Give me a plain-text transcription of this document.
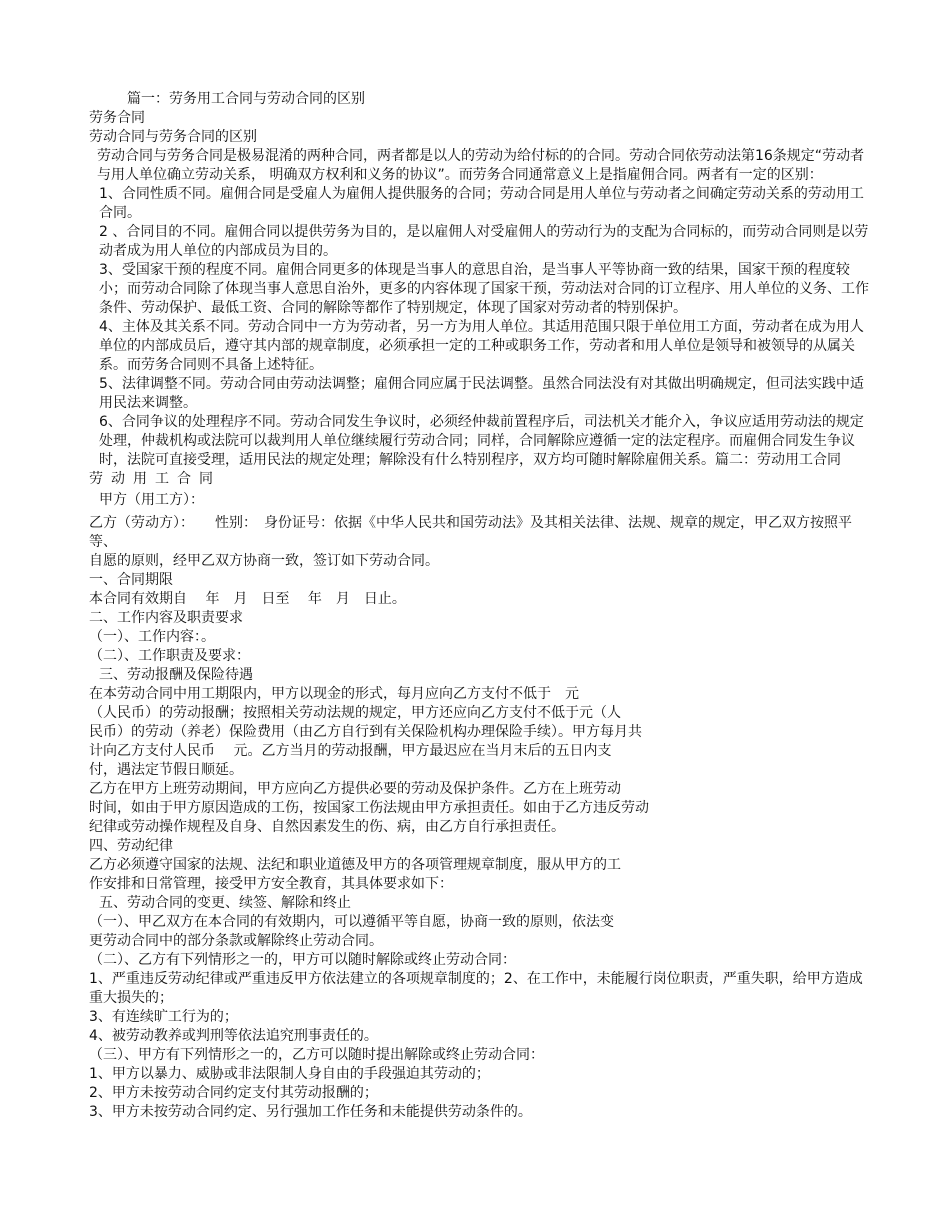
篇一：劳务用工合同与劳动合同的区别

劳务合同

劳动合同与劳务合同的区别

劳动合同与劳务合同是极易混淆的两种合同，两者都是以人的劳动为给付标的的合同。劳动合同依劳动法第16条规定“劳动者与用人单位确立劳动关系， 明确双方权利和义务的协议”。而劳务合同通常意义上是指雇佣合同。两者有一定的区别：

1、合同性质不同。雇佣合同是受雇人为雇佣人提供服务的合同；劳动合同是用人单位与劳动者之间确定劳动关系的劳动用工合同。

2 、合同目的不同。雇佣合同以提供劳务为目的，是以雇佣人对受雇佣人的劳动行为的支配为合同标的，而劳动合同则是以劳动者成为用人单位的内部成员为目的。

3、受国家干预的程度不同。雇佣合同更多的体现是当事人的意思自治，是当事人平等协商一致的结果，国家干预的程度较小；而劳动合同除了体现当事人意思自治外，更多的内容体现了国家干预，劳动法对合同的订立程序、用人单位的义务、工作条件、劳动保护、最低工资、合同的解除等都作了特别规定，体现了国家对劳动者的特别保护。

4、主体及其关系不同。劳动合同中一方为劳动者，另一方为用人单位。其适用范围只限于单位用工方面，劳动者在成为用人单位的内部成员后，遵守其内部的规章制度，必须承担一定的工种或职务工作，劳动者和用人单位是领导和被领导的从属关系。而劳务合同则不具备上述特征。

5、法律调整不同。劳动合同由劳动法调整；雇佣合同应属于民法调整。虽然合同法没有对其做出明确规定，但司法实践中适用民法来调整。

6、合同争议的处理程序不同。劳动合同发生争议时，必须经仲裁前置程序后，司法机关才能介入，争议应适用劳动法的规定处理，仲裁机构或法院可以裁判用人单位继续履行劳动合同；同样，合同解除应遵循一定的法定程序。而雇佣合同发生争议时，法院可直接受理，适用民法的规定处理；解除没有什么特别程序，双方均可随时解除雇佣关系。篇二：劳动用工合同

劳动用工合同

甲方（用工方）：

乙方（劳动方）：　　性别：　身份证号：依据《中华人民共和国劳动法》及其相关法律、法规、规章的规定，甲乙双方按照平等、

自愿的原则，经甲乙双方协商一致，签订如下劳动合同。

一、合同期限

本合同有效期自　 年　月　日至　 年　月　日止。

二、工作内容及职责要求

（一）、工作内容：。

（二）、工作职责及要求：

三、劳动报酬及保险待遇

在本劳动合同中用工期限内，甲方以现金的形式，每月应向乙方支付不低于　元

（人民币）的劳动报酬；按照相关劳动法规的规定，甲方还应向乙方支付不低于元（人

民币）的劳动（养老）保险费用（由乙方自行到有关保险机构办理保险手续）。甲方每月共

计向乙方支付人民币　 元。乙方当月的劳动报酬，甲方最迟应在当月末后的五日内支

付，遇法定节假日顺延。

乙方在甲方上班劳动期间，甲方应向乙方提供必要的劳动及保护条件。乙方在上班劳动

时间，如由于甲方原因造成的工伤，按国家工伤法规由甲方承担责任。如由于乙方违反劳动

纪律或劳动操作规程及自身、自然因素发生的伤、病，由乙方自行承担责任。

四、劳动纪律

乙方必须遵守国家的法规、法纪和职业道德及甲方的各项管理规章制度，服从甲方的工

作安排和日常管理，接受甲方安全教育，其具体要求如下：

五、劳动合同的变更、续签、解除和终止

（一）、甲乙双方在本合同的有效期内，可以遵循平等自愿，协商一致的原则，依法变

更劳动合同中的部分条款或解除终止劳动合同。

（二）、乙方有下列情形之一的，甲方可以随时解除或终止劳动合同：

1、严重违反劳动纪律或严重违反甲方依法建立的各项规章制度的；2、在工作中，未能履行岗位职责，严重失职，给甲方造成重大损失的；

3、有连续旷工行为的；

4、被劳动教养或判刑等依法追究刑事责任的。

（三）、甲方有下列情形之一的，乙方可以随时提出解除或终止劳动合同：

1、甲方以暴力、威胁或非法限制人身自由的手段强迫其劳动的；

2、甲方未按劳动合同约定支付其劳动报酬的；

3、甲方未按劳动合同约定、另行强加工作任务和未能提供劳动条件的。
